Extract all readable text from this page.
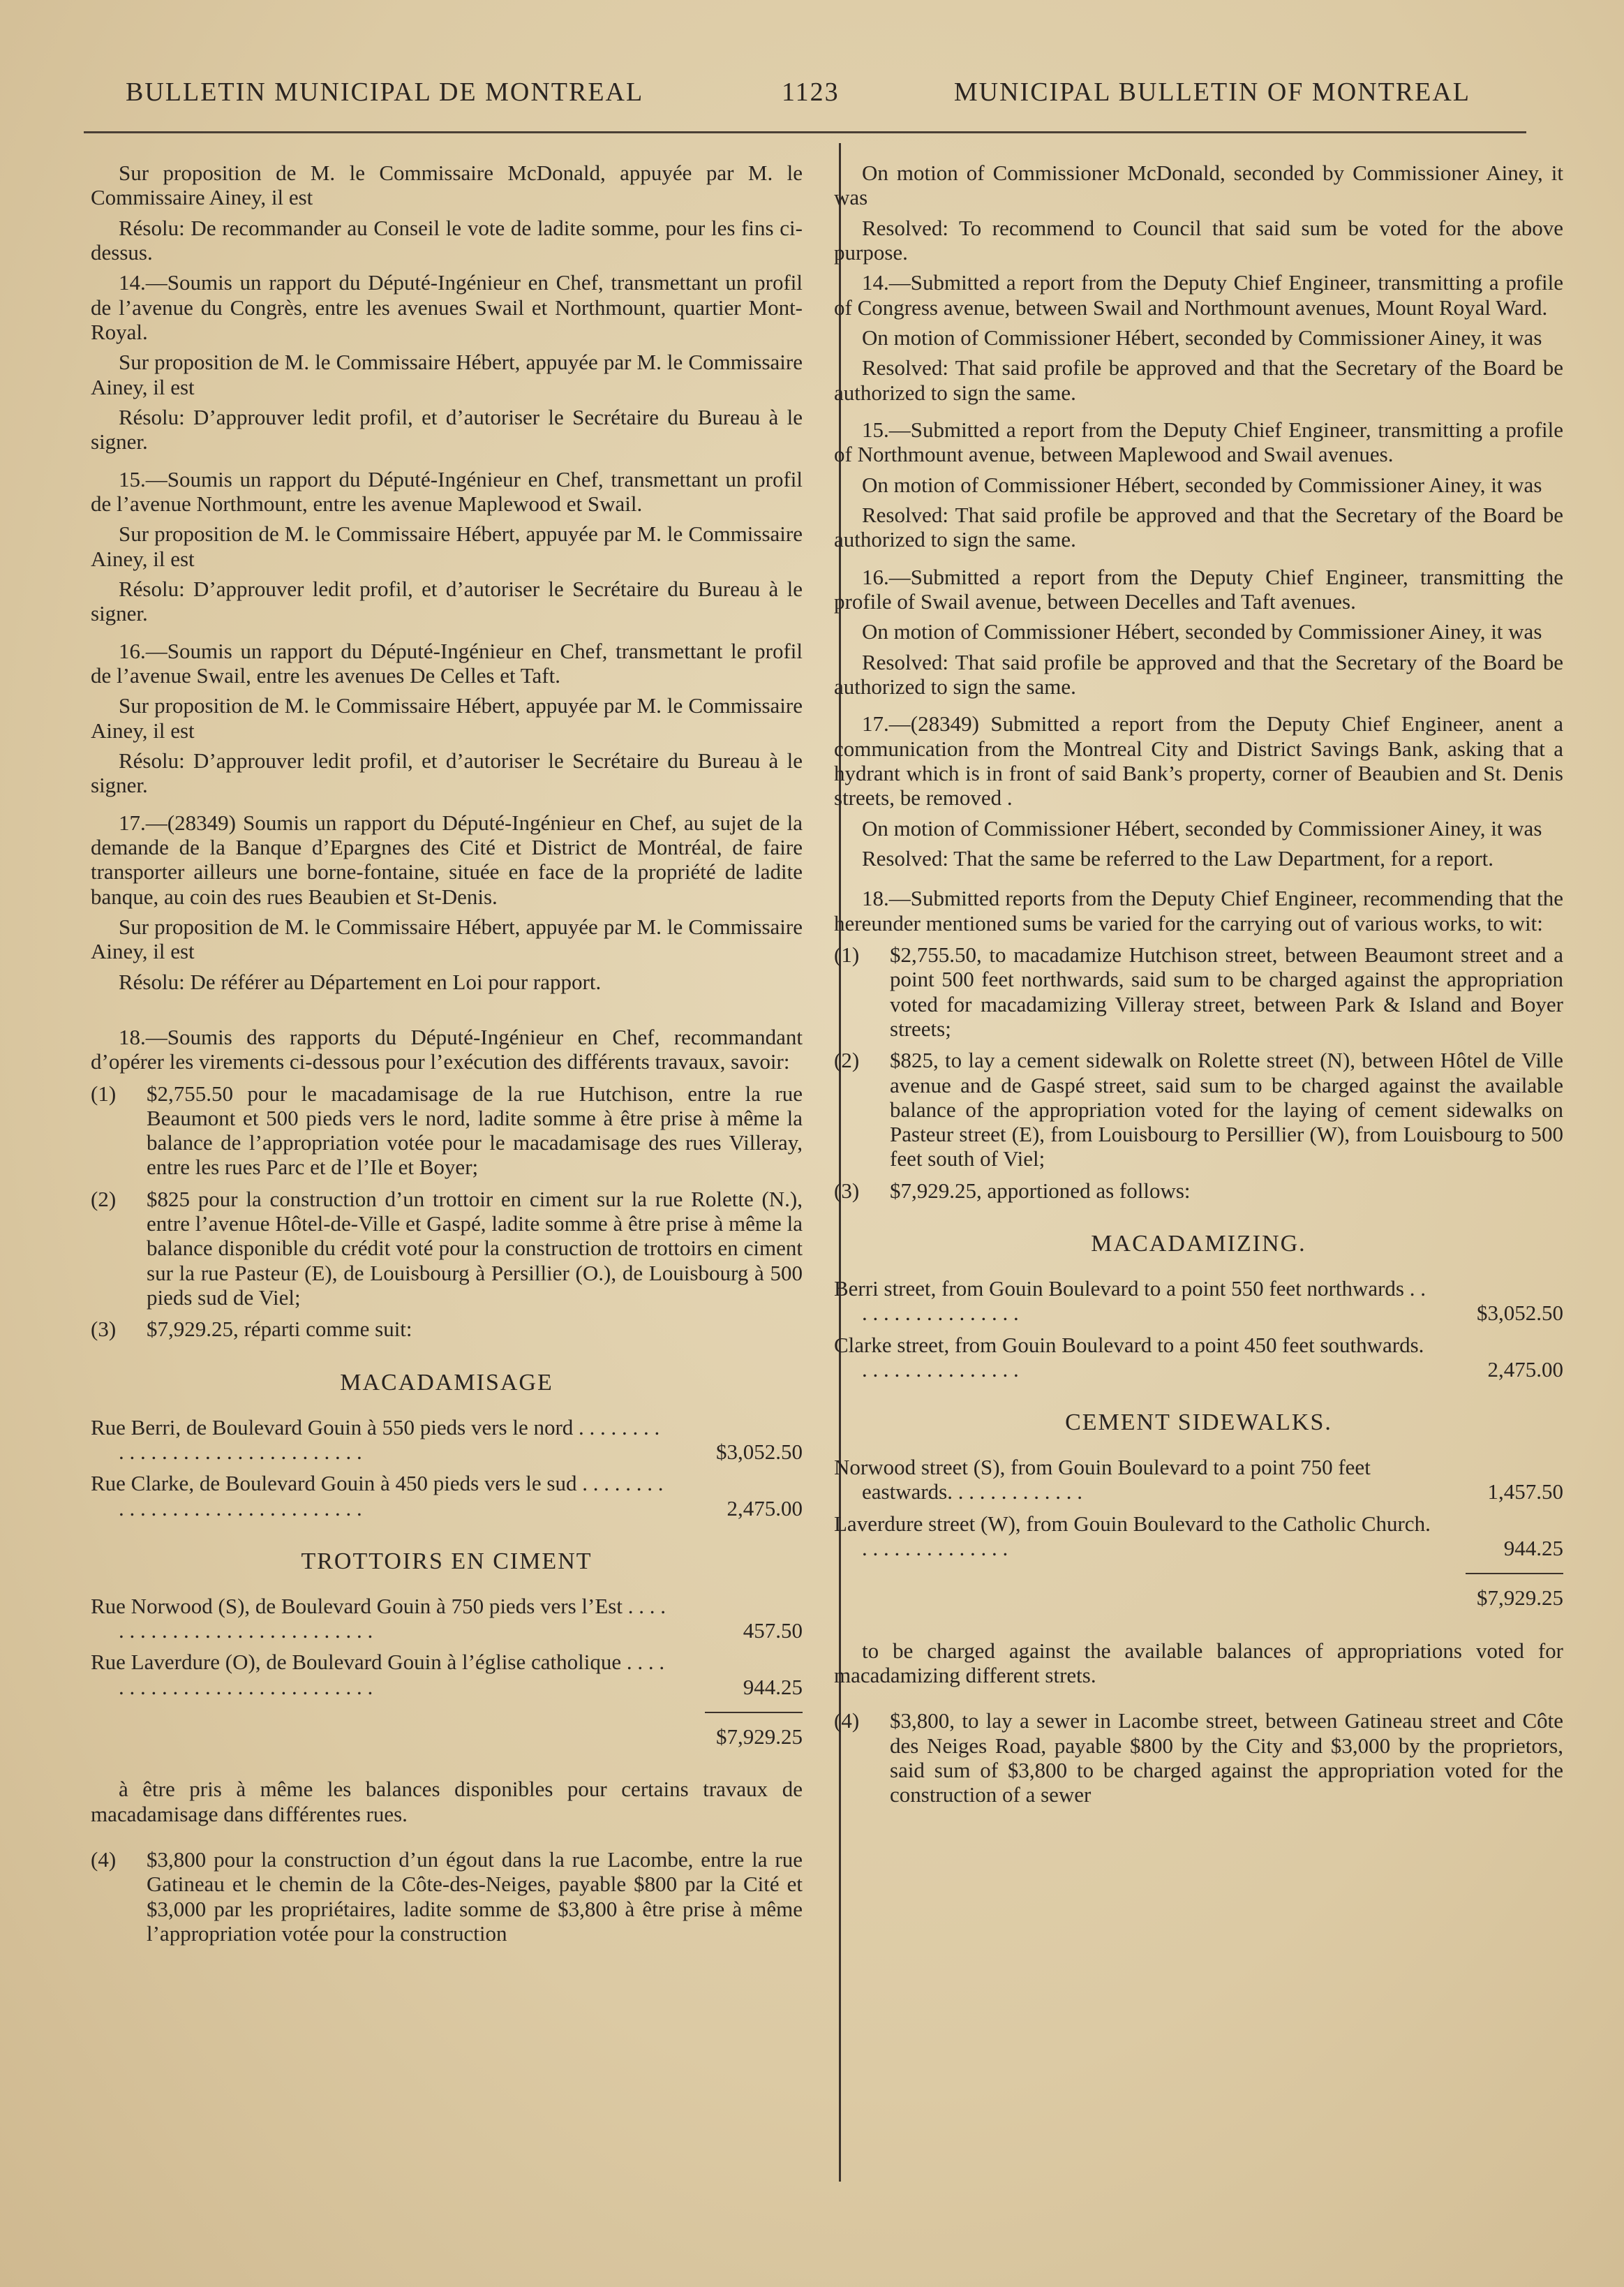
BULLETIN MUNICIPAL DE MONTREAL	1123	MUNICIPAL BULLETIN OF MONTREAL

Sur proposition de M. le Commissaire McDonald, appuyée par M. le Commissaire Ainey, il est

Résolu: De recommander au Conseil le vote de ladite somme, pour les fins ci-dessus.

14.—Soumis un rapport du Député-Ingénieur en Chef, transmettant un profil de l’avenue du Congrès, entre les avenues Swail et Northmount, quartier Mont-Royal.

Sur proposition de M. le Commissaire Hébert, appuyée par M. le Commissaire Ainey, il est

Résolu: D’approuver ledit profil, et d’autoriser le Secrétaire du Bureau à le signer.

15.—Soumis un rapport du Député-Ingénieur en Chef, transmettant un profil de l’avenue Northmount, entre les avenue Maplewood et Swail.

Sur proposition de M. le Commissaire Hébert, appuyée par M. le Commissaire Ainey, il est

Résolu: D’approuver ledit profil, et d’autoriser le Secrétaire du Bureau à le signer.

16.—Soumis un rapport du Député-Ingénieur en Chef, transmettant le profil de l’avenue Swail, entre les avenues De Celles et Taft.

Sur proposition de M. le Commissaire Hébert, appuyée par M. le Commissaire Ainey, il est

Résolu: D’approuver ledit profil, et d’autoriser le Secrétaire du Bureau à le signer.

17.—(28349) Soumis un rapport du Député-Ingénieur en Chef, au sujet de la demande de la Banque d’Epargnes des Cité et District de Montréal, de faire transporter ailleurs une borne-fontaine, située en face de la propriété de ladite banque, au coin des rues Beaubien et St-Denis.

Sur proposition de M. le Commissaire Hébert, appuyée par M. le Commissaire Ainey, il est

Résolu: De référer au Département en Loi pour rapport.

18.—Soumis des rapports du Député-Ingénieur en Chef, recommandant d’opérer les virements ci-dessous pour l’exécution des différents travaux, savoir:

(1)	$2,755.50 pour le macadamisage de la rue Hutchison, entre la rue Beaumont et 500 pieds vers le nord, ladite somme à être prise à même la balance de l’appropriation votée pour le macadamisage des rues Villeray, entre les rues Parc et de l’Ile et Boyer;
(2)	$825 pour la construction d’un trottoir en ciment sur la rue Rolette (N.), entre l’avenue Hôtel-de-Ville et Gaspé, ladite somme à être prise à même la balance disponible du crédit voté pour la construction de trottoirs en ciment sur la rue Pasteur (E), de Louisbourg à Persillier (O.), de Louisbourg à 500 pieds sud de Viel;
(3)	$7,929.25, réparti comme suit:
MACADAMISAGE
Rue Berri, de Boulevard Gouin à 550 pieds vers le nord . . . . . . . . . . . . . . . . . . . . . . . . . . . . . . .	$3,052.50
Rue Clarke, de Boulevard Gouin à 450 pieds vers le sud . . . . . . . . . . . . . . . . . . . . . . . . . . . . . . .	2,475.00
TROTTOIRS EN CIMENT
Rue Norwood (S), de Boulevard Gouin à 750 pieds vers l’Est . . . . . . . . . . . . . . . . . . . . . . . . . . . .	457.50
Rue Laverdure (O), de Boulevard Gouin à l’église catholique . . . . . . . . . . . . . . . . . . . . . . . . . . . .	944.25
$7,929.25

à être pris à même les balances disponibles pour certains travaux de macadamisage dans différentes rues.

(4)	$3,800 pour la construction d’un égout dans la rue Lacombe, entre la rue Gatineau et le chemin de la Côte-des-Neiges, payable $800 par la Cité et $3,000 par les propriétaires, ladite somme de $3,800 à être prise à même l’appropriation votée pour la construction

On motion of Commissioner McDonald, seconded by Commissioner Ainey, it was

Resolved: To recommend to Council that said sum be voted for the above purpose.

14.—Submitted a report from the Deputy Chief Engineer, transmitting a profile of Congress avenue, between Swail and Northmount avenues, Mount Royal Ward.

On motion of Commissioner Hébert, seconded by Commissioner Ainey, it was

Resolved: That said profile be approved and that the Secretary of the Board be authorized to sign the same.

15.—Submitted a report from the Deputy Chief Engineer, transmitting a profile of Northmount avenue, between Maplewood and Swail avenues.

On motion of Commissioner Hébert, seconded by Commissioner Ainey, it was

Resolved: That said profile be approved and that the Secretary of the Board be authorized to sign the same.

16.—Submitted a report from the Deputy Chief Engineer, transmitting the profile of Swail avenue, between Decelles and Taft avenues.

On motion of Commissioner Hébert, seconded by Commissioner Ainey, it was

Resolved: That said profile be approved and that the Secretary of the Board be authorized to sign the same.

17.—(28349) Submitted a report from the Deputy Chief Engineer, anent a communication from the Montreal City and District Savings Bank, asking that a hydrant which is in front of said Bank’s property, corner of Beaubien and St. Denis streets, be removed .

On motion of Commissioner Hébert, seconded by Commissioner Ainey, it was

Resolved: That the same be referred to the Law Department, for a report.

18.—Submitted reports from the Deputy Chief Engineer, recommending that the hereunder mentioned sums be varied for the carrying out of various works, to wit:

(1)	$2,755.50, to macadamize Hutchison street, between Beaumont street and a point 500 feet northwards, said sum to be charged against the appropriation voted for macadamizing Villeray street, between Park & Island and Boyer streets;
(2)	$825, to lay a cement sidewalk on Rolette street (N), between Hôtel de Ville avenue and de Gaspé street, said sum to be charged against the available balance of the appropriation voted for the laying of cement sidewalks on Pasteur street (E), from Louisbourg to Persillier (W), from Louisbourg to 500 feet south of Viel;
(3)	$7,929.25, apportioned as follows:
MACADAMIZING.
Berri street, from Gouin Boulevard to a point 550 feet northwards . . . . . . . . . . . . . . . . .	$3,052.50
Clarke street, from Gouin Boulevard to a point 450 feet southwards. . . . . . . . . . . . . . . .	2,475.00
CEMENT SIDEWALKS.
Norwood street (S), from Gouin Boulevard to a point 750 feet eastwards. . . . . . . . . . . . .	1,457.50
Laverdure street (W), from Gouin Boulevard to the Catholic Church. . . . . . . . . . . . . . .	944.25
$7,929.25

to be charged against the available balances of appropriations voted for macadamizing different strets.

(4)	$3,800, to lay a sewer in Lacombe street, between Gatineau street and Côte des Neiges Road, payable $800 by the City and $3,000 by the proprietors, said sum of $3,800 to be charged against the appropriation voted for the construction of a sewer
